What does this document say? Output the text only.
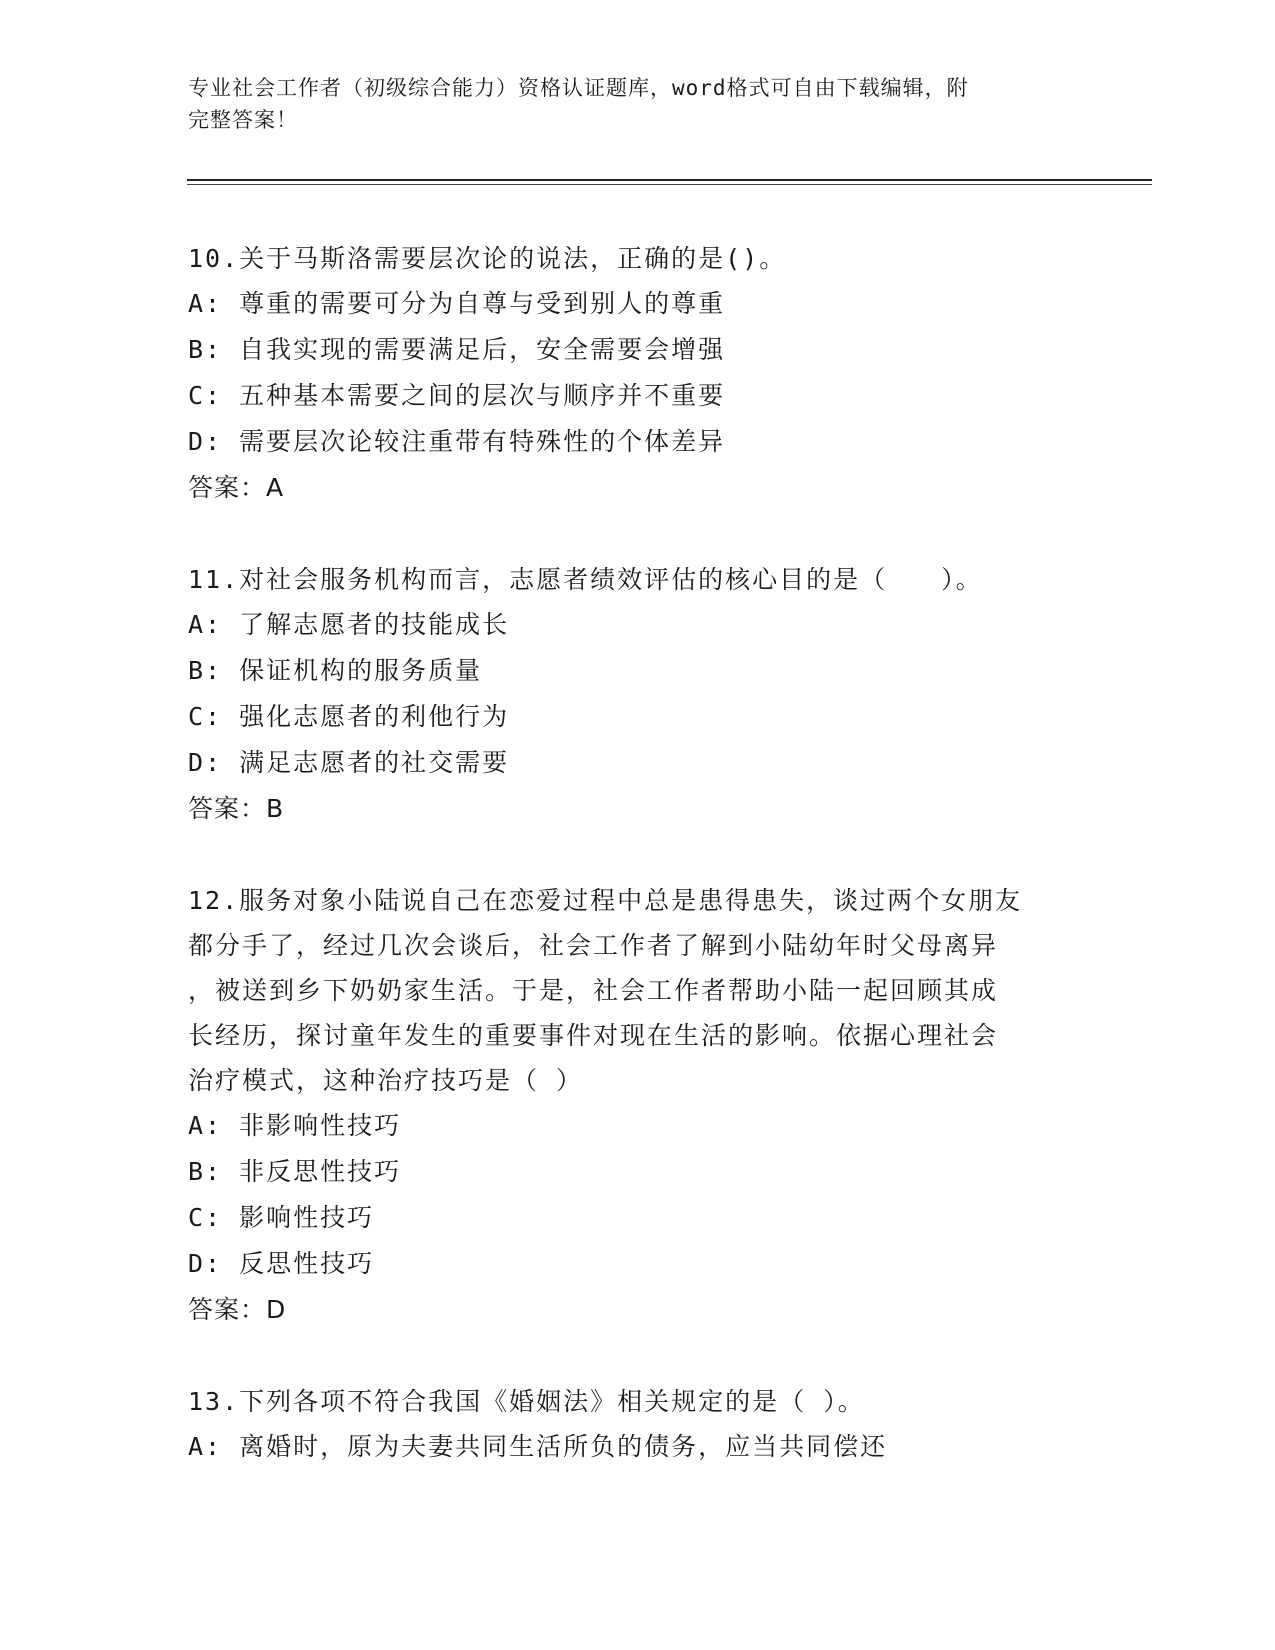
专业社会工作者（初级综合能力）资格认证题库，word格式可自由下载编辑，附
完整答案！
10.关于马斯洛需要层次论的说法，正确的是()。
A: 尊重的需要可分为自尊与受到别人的尊重
B: 自我实现的需要满足后，安全需要会增强
C: 五种基本需要之间的层次与顺序并不重要
D: 需要层次论较注重带有特殊性的个体差异
答案：A
11.对社会服务机构而言，志愿者绩效评估的核心目的是（　　）。
A: 了解志愿者的技能成长
B: 保证机构的服务质量
C: 强化志愿者的利他行为
D: 满足志愿者的社交需要
答案：B
12.服务对象小陆说自己在恋爱过程中总是患得患失，谈过两个女朋友
都分手了，经过几次会谈后，社会工作者了解到小陆幼年时父母离异
，被送到乡下奶奶家生活。于是，社会工作者帮助小陆一起回顾其成
长经历，探讨童年发生的重要事件对现在生活的影响。依据心理社会
治疗模式，这种治疗技巧是（ ）
A: 非影响性技巧
B: 非反思性技巧
C: 影响性技巧
D: 反思性技巧
答案：D
13.下列各项不符合我国《婚姻法》相关规定的是（ ）。
A: 离婚时，原为夫妻共同生活所负的债务，应当共同偿还
